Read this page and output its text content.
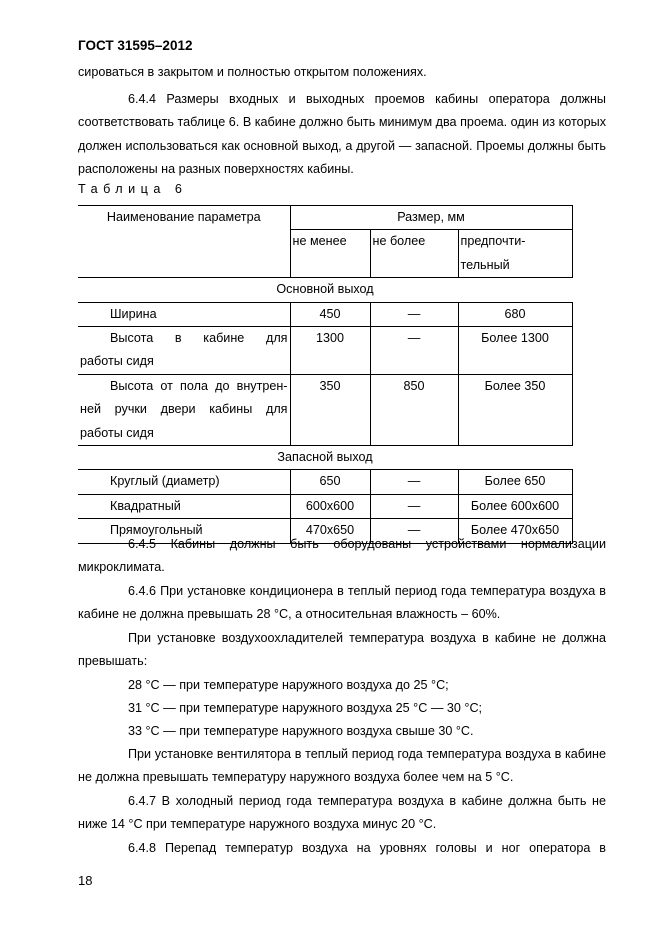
ГОСТ 31595–2012

сироваться в закрытом и полностью открытом положениях.

6.4.4 Размеры входных и выходных проемов кабины оператора должны соответствовать таблице 6. В кабине должно быть минимум два проема. один из которых должен использоваться как основной выход, а другой — запасной. Проемы должны быть расположены на разных поверхностях кабины.

Таблица 6
Наименование параметра	Размер, мм		
	не менее	не более	предпочти-
тельный

Основной выход			

Ширина	450	—	680

Высота в кабине для
работы сидя	1300	—	Более 1300

Высота от пола до внутрен-
ней ручки двери кабины для
работы сидя	350	850	Более 350
Запасной выход			

Круглый (диаметр)	650	—	Более 650

Квадратный	600х600	—	Более 600х600

Прямоугольный	470х650	—	Более 470х650

6.4.5 Кабины должны быть оборудованы устройствами нормализации микроклимата.

6.4.6 При установке кондиционера в теплый период года температура воздуха в кабине не должна превышать 28 °С, а относительная влажность – 60%.

При установке воздухоохладителей температура воздуха в кабине не должна превышать:

28 °С — при температуре наружного воздуха до 25 °С;

31 °С — при температуре наружного воздуха 25 °С — 30 °С;

33 °С — при температуре наружного воздуха свыше 30 °С.

При установке вентилятора в теплый период года температура воздуха в кабине не должна превышать температуру наружного воздуха более чем на 5 °С.

6.4.7 В холодный период года температура воздуха в кабине должна быть не ниже 14 °С при температуре наружного воздуха минус 20 °С.

6.4.8 Перепад температур воздуха на уровнях головы и ног оператора в

18
